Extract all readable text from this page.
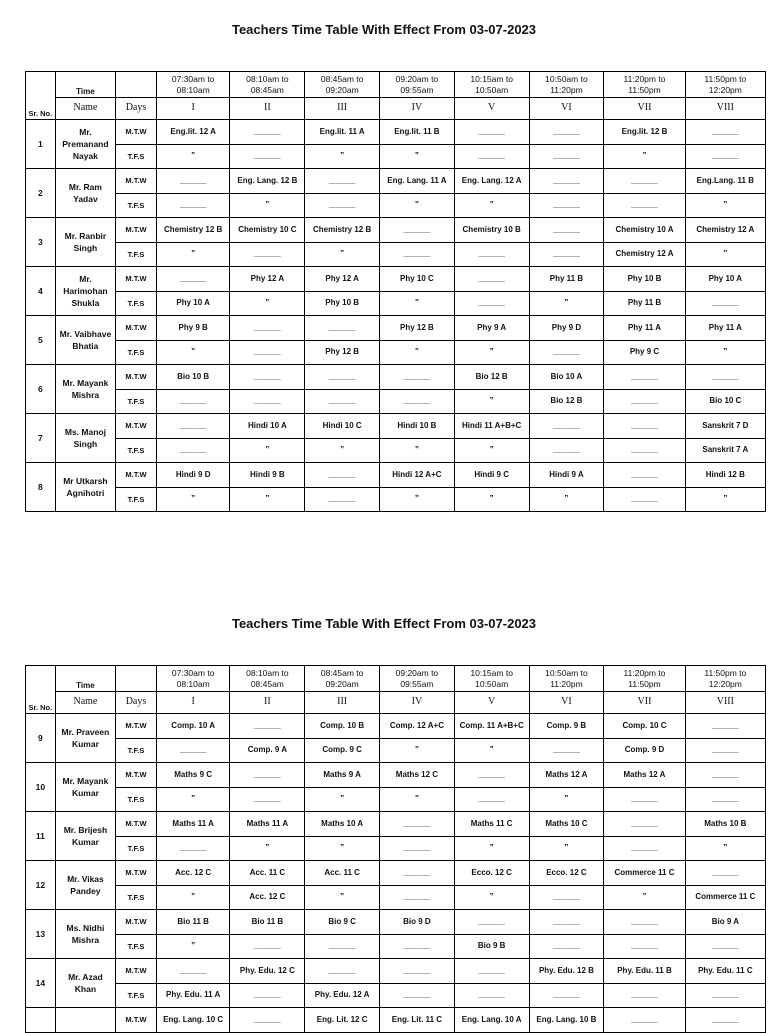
Teachers Time Table With Effect From 03-07-2023
Sr. No.	Time		07:30am to 08:10am	08:10am to 08:45am	08:45am to 09:20am	09:20am to 09:55am	10:15am to 10:50am	10:50am to 11:20pm	11:20pm to 11:50pm	11:50pm to 12:20pm
	Name	Days	I	II	III	IV	V	VI	VII	VIII
1	Mr. Premanand Nayak	M.T.W	Eng.lit. 12 A	______	Eng.lit. 11 A	Eng.lit. 11 B	______	______	Eng.lit. 12 B	______
		T.F.S	”	______	”	”	______	______	”	______
2	Mr. Ram Yadav	M.T.W	______	Eng. Lang. 12 B	______	Eng. Lang. 11 A	Eng. Lang. 12 A	______	______	Eng.Lang. 11 B
		T.F.S	______	”	______	”	”	______	______	”
3	Mr. Ranbir Singh	M.T.W	Chemistry 12 B	Chemistry 10 C	Chemistry 12 B	______	Chemistry 10 B	______	Chemistry 10 A	Chemistry 12 A
		T.F.S	”	______	”	______	______	______	Chemistry 12 A	”
4	Mr. Harimohan Shukla	M.T.W	______	Phy 12 A	Phy 12 A	Phy 10 C	______	Phy 11 B	Phy 10 B	Phy 10 A
		T.F.S	Phy 10 A	”	Phy 10 B	”	______	”	Phy 11 B	______
5	Mr. Vaibhave Bhatia	M.T.W	Phy 9 B	______	______	Phy 12 B	Phy 9 A	Phy 9 D	Phy 11 A	Phy 11 A
		T.F.S	”	______	Phy 12 B	”	”	______	Phy 9 C	”
6	Mr. Mayank Mishra	M.T.W	Bio 10 B	______	______	______	Bio 12 B	Bio 10 A	______	______
		T.F.S	______	______	______	______	”	Bio 12 B	______	Bio 10 C
7	Ms. Manoj Singh	M.T.W	______	Hindi 10 A	Hindi 10 C	Hindi 10 B	Hindi 11 A+B+C	______	______	Sanskrit 7 D
		T.F.S	______	”	”	”	”	______	______	Sanskrit 7 A
8	Mr Utkarsh Agnihotri	M.T.W	Hindi 9 D	Hindi 9 B	______	Hindi 12 A+C	Hindi 9 C	Hindi 9 A	______	Hindi 12 B
		T.F.S	”	”	______	”	”	”	______	”
Teachers Time Table With Effect From 03-07-2023
Sr. No.	Time		07:30am to 08:10am	08:10am to 08:45am	08:45am to 09:20am	09:20am to 09:55am	10:15am to 10:50am	10:50am to 11:20pm	11:20pm to 11:50pm	11:50pm to 12:20pm
	Name	Days	I	II	III	IV	V	VI	VII	VIII
9	Mr. Praveen Kumar	M.T.W	Comp. 10 A	______	Comp. 10 B	Comp. 12 A+C	Comp. 11 A+B+C	Comp. 9 B	Comp. 10 C	______
		T.F.S	______	Comp. 9 A	Comp. 9 C	”	”	______	Comp. 9 D	______
10	Mr. Mayank Kumar	M.T.W	Maths 9 C	______	Maths 9 A	Maths 12 C	______	Maths 12 A	Maths 12 A	______
		T.F.S	”	______	”	”	______	”	______	______
11	Mr. Brijesh Kumar	M.T.W	Maths 11 A	Maths 11 A	Maths 10 A	______	Maths 11 C	Maths 10 C	______	Maths 10 B
		T.F.S	______	”	”	______	”	”	______	”
12	Mr. Vikas Pandey	M.T.W	Acc. 12 C	Acc. 11 C	Acc. 11 C	______	Ecco. 12 C	Ecco. 12 C	Commerce 11 C	______
		T.F.S	”	Acc. 12 C	”	______	”	______	”	Commerce 11 C
13	Ms. Nidhi Mishra	M.T.W	Bio 11 B	Bio 11 B	Bio 9 C	Bio 9 D	______	______	______	Bio 9 A
		T.F.S	”	______	______	______	Bio 9 B	______	______	______
14	Mr. Azad Khan	M.T.W	______	Phy. Edu. 12 C	______	______	______	Phy. Edu. 12 B	Phy. Edu. 11 B	Phy. Edu. 11 C
		T.F.S	Phy. Edu. 11 A	______	Phy. Edu. 12 A	______	______	______	______	______
		M.T.W	Eng. Lang. 10 C	______	Eng. Lit. 12 C	Eng. Lit. 11 C	Eng. Lang. 10 A	Eng. Lang. 10 B	______	______
